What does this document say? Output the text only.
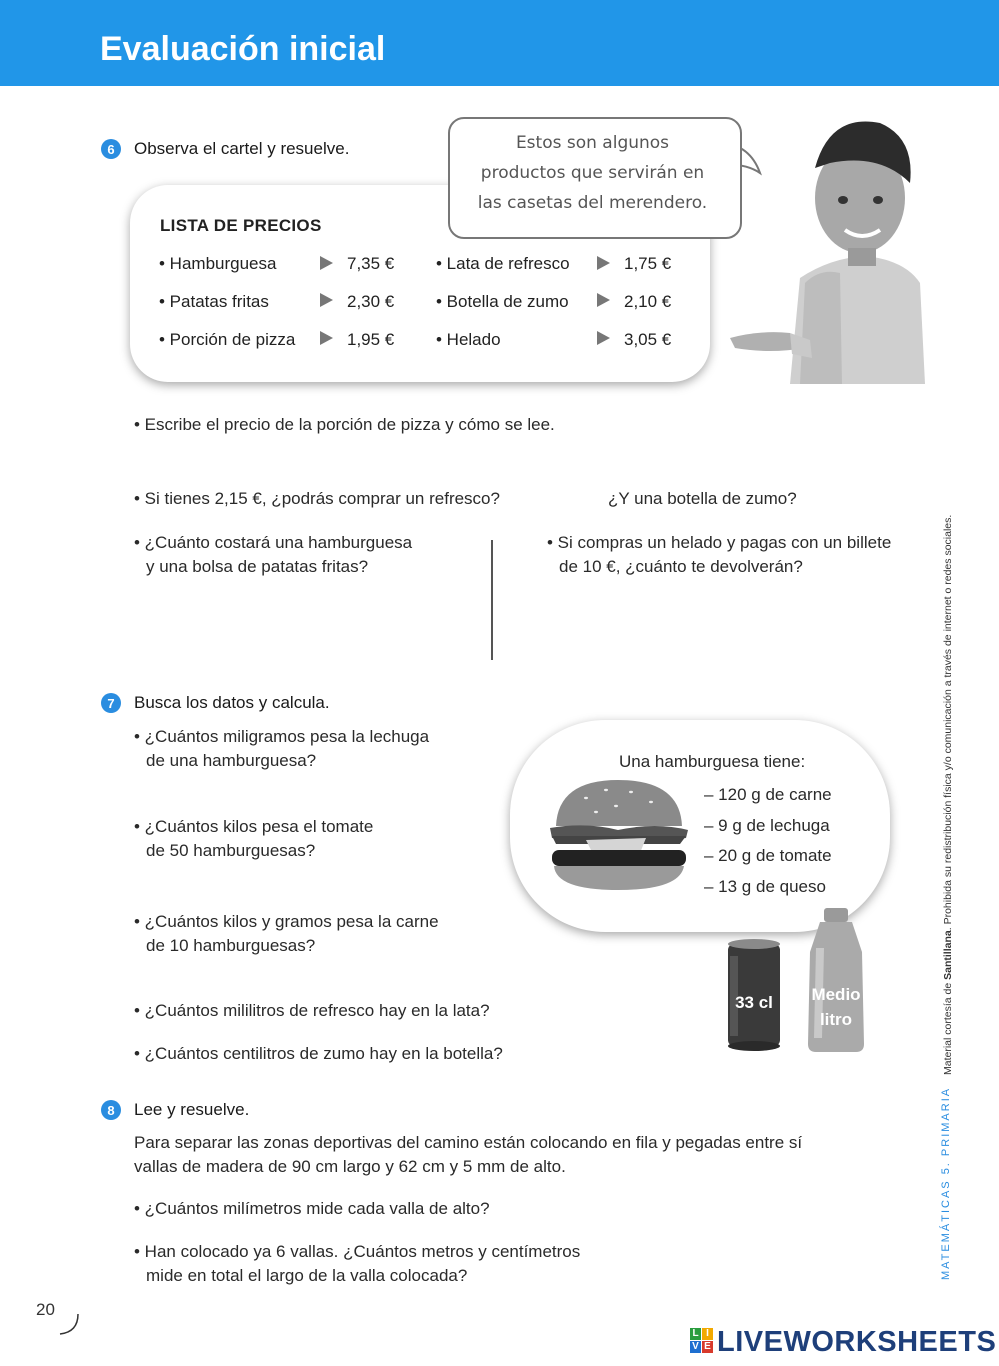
Evaluación inicial
6	Observa el cartel y resuelve.
LISTA DE PRECIOS
• Hamburguesa	7,35 €
• Patatas fritas	2,30 €
• Porción de pizza	1,95 €
• Lata de refresco	1,75 €
• Botella de zumo	2,10 €
• Helado	3,05 €
Estos son algunos
productos que servirán en
las casetas del merendero.
• Escribe el precio de la porción de pizza y cómo se lee.
• Si tienes 2,15 €, ¿podrás comprar un refresco?	¿Y una botella de zumo?
• ¿Cuánto costará una hamburguesa
y una bolsa de patatas fritas?
• Si compras un helado y pagas con un billete
de 10 €, ¿cuánto te devolverán?
7	Busca los datos y calcula.
• ¿Cuántos miligramos pesa la lechuga
de una hamburguesa?
• ¿Cuántos kilos pesa el tomate
de 50 hamburguesas?
• ¿Cuántos kilos y gramos pesa la carne
de 10 hamburguesas?
• ¿Cuántos mililitros de refresco hay en la lata?
• ¿Cuántos centilitros de zumo hay en la botella?
Una hamburguesa tiene:
– 120 g de carne
– 9 g de lechuga
– 20 g de tomate
– 13 g de queso
33 cl	Medio
litro
8	Lee y resuelve.
Para separar las zonas deportivas del camino están colocando en fila y pegadas entre sí
vallas de madera de 90 cm largo y 62 cm y 5 mm de alto.
• ¿Cuántos milímetros mide cada valla de alto?
• Han colocado ya 6 vallas. ¿Cuántos metros y centímetros
mide en total el largo de la valla colocada?
Material cortesía de Santillana. Prohibida su redistribución física y/o comunicación a través de internet o redes sociales.
MATEMÁTICAS 5. PRIMARIA
20
L I
V E LIVEWORKSHEETS
